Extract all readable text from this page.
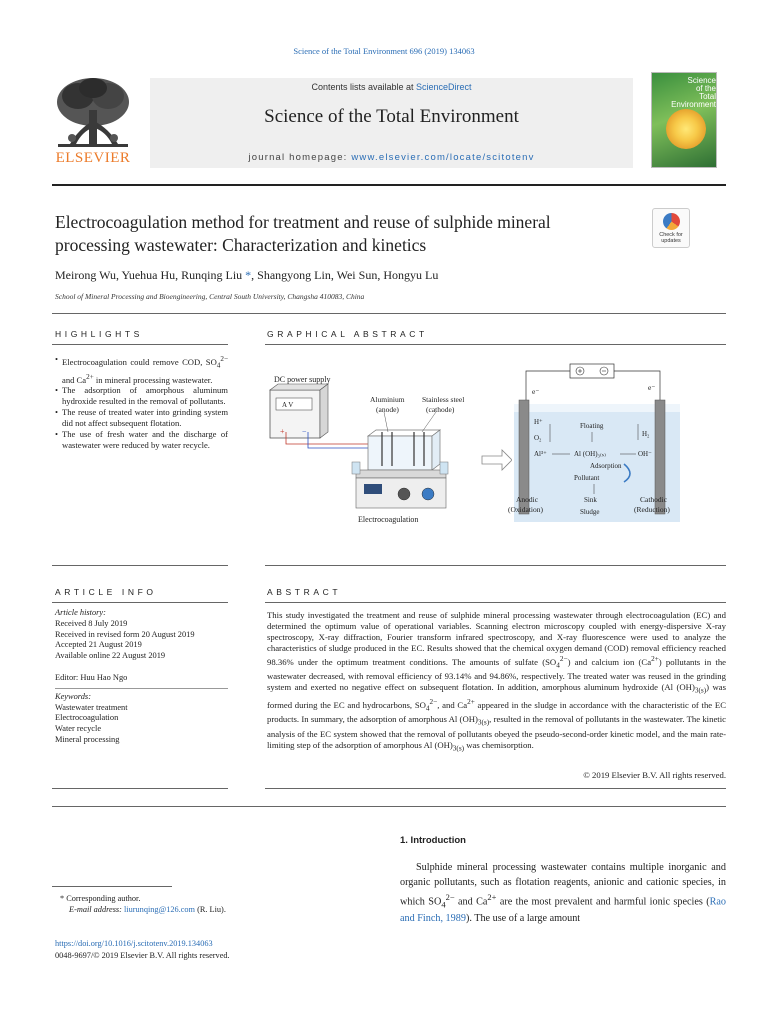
Science of the Total Environment 696 (2019) 134063
ELSEVIER
Contents lists available at ScienceDirect
Science of the Total Environment
journal homepage: www.elsevier.com/locate/scitotenv
Science
of the
Total Environment
Electrocoagulation method for treatment and reuse of sulphide mineral
processing wastewater: Characterization and kinetics	Check for
updates
Meirong Wu, Yuehua Hu, Runqing Liu *, Shangyong Lin, Wei Sun, Hongyu Lu
School of Mineral Processing and Bioengineering, Central South University, Changsha 410083, China
HIGHLIGHTS	GRAPHICAL ABSTRACT
• Electrocoagulation could remove COD, $SO_4^{2-}$ and $Ca^{2+}$ in mineral processing wastewater.
• The adsorption of amorphous aluminum hydroxide resulted in the removal of pollutants.
• The reuse of treated water into grinding system did not affect subsequent flotation.
• The use of fresh water and the discharge of wastewater were reduced by water recycle.
DC power supply
A V
+ −
Aluminium
(anode)
Stainless steel
(cathode)
Electrocoagulation
e⁻	e⁻
H⁺
O₂
Floating
H₂
Al³⁺	Al (OH)₃₍ₛ₎	OH⁻
Adsorption
Pollutant
Sink
Sludge
Anodic
(Oxidation)
Cathodic
(Reduction)
ARTICLE INFO	ABSTRACT
Article history:
Received 8 July 2019
Received in revised form 20 August 2019
Accepted 21 August 2019
Available online 22 August 2019
Editor: Huu Hao Ngo
Keywords:
Wastewater treatment
Electrocoagulation
Water recycle
Mineral processing
This study investigated the treatment and reuse of sulphide mineral processing wastewater through electrocoagulation (EC) and determined the optimum value of operational variables. Scanning electron microscopy coupled with energy-dispersive X-ray spectroscopy, X-ray diffraction, Fourier transform infrared spectroscopy, and X-ray fluorescence were used to analyze the characteristics of sludge produced in the EC. Results showed that the chemical oxygen demand (COD) removal efficiency reached 98.36% under the optimum treatment conditions. The amounts of sulfate $(SO_4^{2-})$ and calcium ion $(Ca^{2+})$ pollutants in the wastewater decreased, with removal efficiency of 93.14% and 94.86%, respectively. The treated water was reused in the grinding system and exerted no negative effect on subsequent flotation. In addition, amorphous aluminum hydroxide (Al $(OH)_{3(s)}$) was formed during the EC and hydrocarbons, $SO_4^{2-}$, and $Ca^{2+}$ appeared in the sludge in accordance with the characteristic of the EC products. In summary, the adsorption of amorphous Al $(OH)_{3(s)}$, resulted in the removal of pollutants in the wastewater. The kinetic analysis of the EC system showed that the removal of pollutants obeyed the pseudo-second-order kinetic model, and the main rate-limiting step of the adsorption of amorphous Al $(OH)_{3(s)}$ was chemisorption.
© 2019 Elsevier B.V. All rights reserved.
1. Introduction
Sulphide mineral processing wastewater contains multiple inorganic and organic pollutants, such as flotation reagents, anionic and cationic species, in which $SO_4^{2-}$ and $Ca^{2+}$ are the most prevalent and harmful ionic species (Rao and Finch, 1989). The use of a large amount
* Corresponding author.
E-mail address: liurunqing@126.com (R. Liu).
https://doi.org/10.1016/j.scitotenv.2019.134063
0048-9697/© 2019 Elsevier B.V. All rights reserved.
